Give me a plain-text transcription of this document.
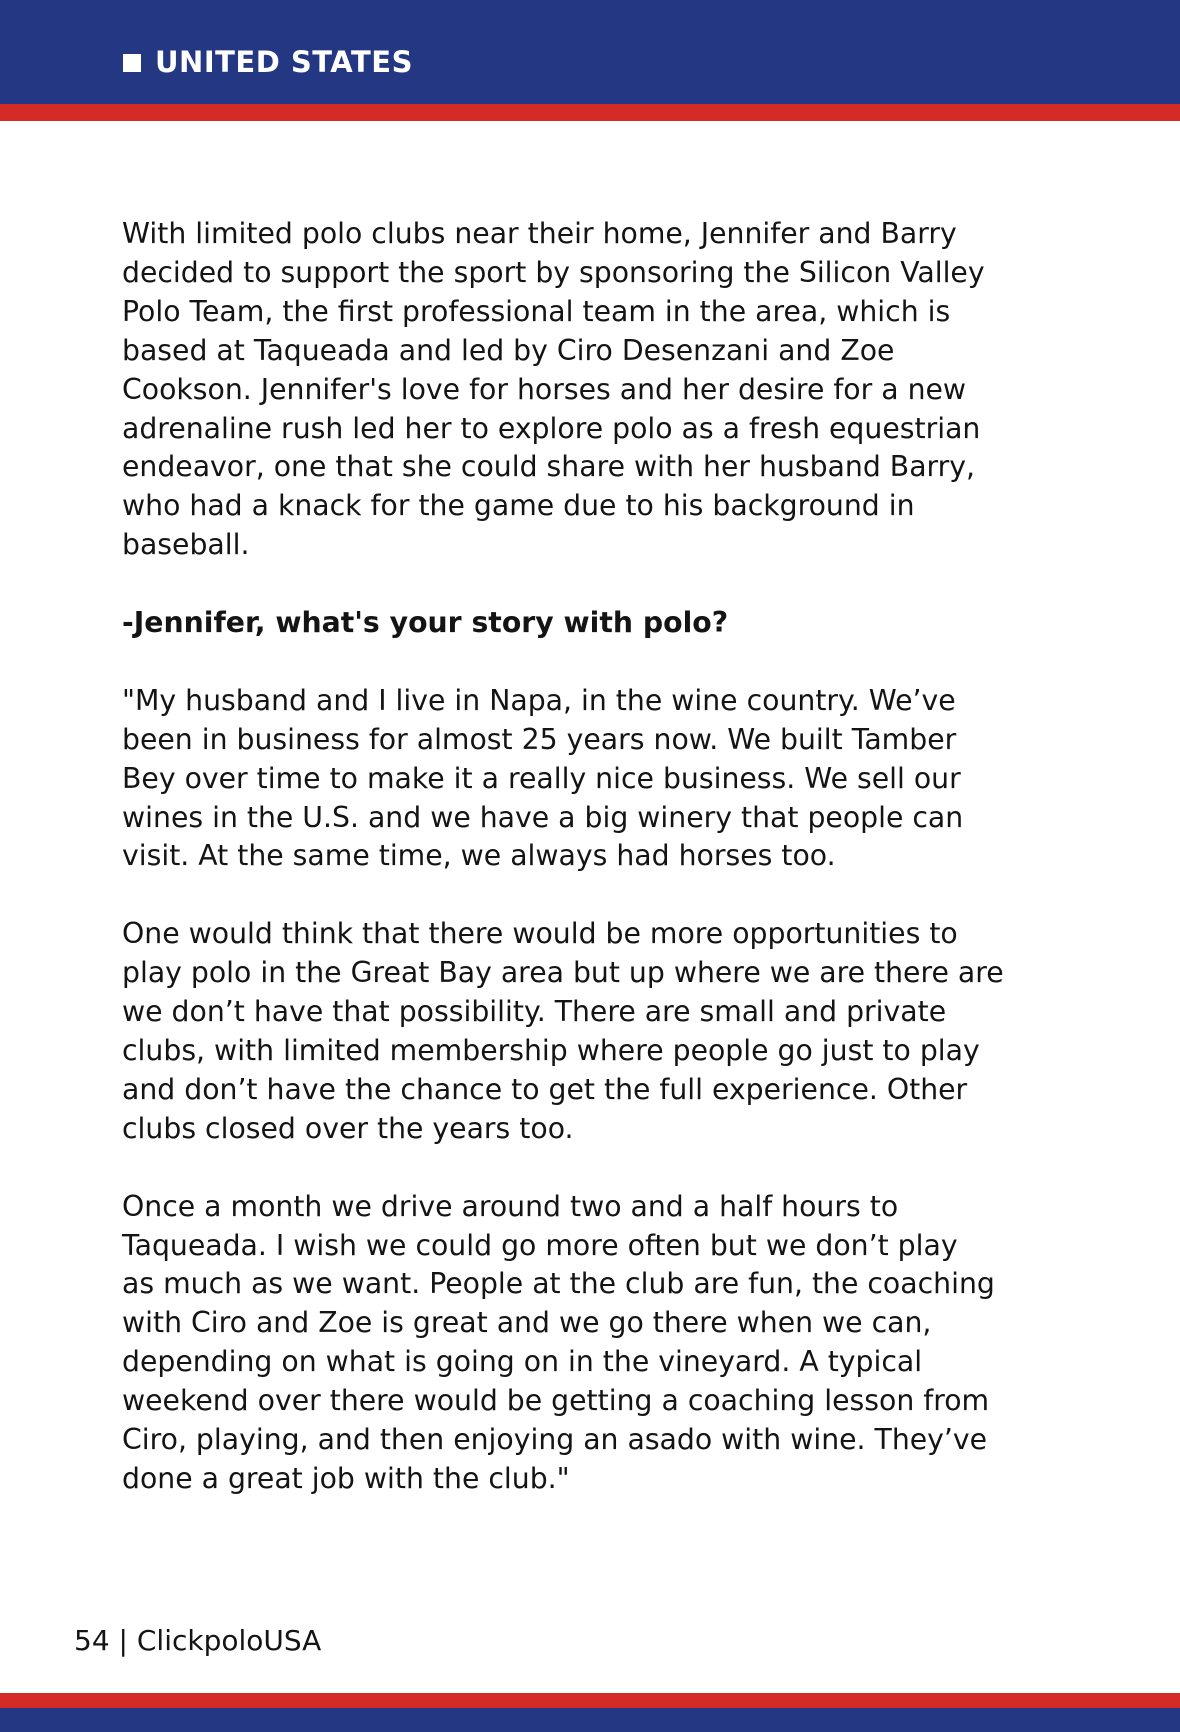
UNITED STATES

With limited polo clubs near their home, Jennifer and Barry
decided to support the sport by sponsoring the Silicon Valley
Polo Team, the first professional team in the area, which is
based at Taqueada and led by Ciro Desenzani and Zoe
Cookson. Jennifer's love for horses and her desire for a new
adrenaline rush led her to explore polo as a fresh equestrian
endeavor, one that she could share with her husband Barry,
who had a knack for the game due to his background in
baseball.

-Jennifer, what's your story with polo?

"My husband and I live in Napa, in the wine country. We’ve
been in business for almost 25 years now. We built Tamber
Bey over time to make it a really nice business. We sell our
wines in the U.S. and we have a big winery that people can
visit. At the same time, we always had horses too.

One would think that there would be more opportunities to
play polo in the Great Bay area but up where we are there are
we don’t have that possibility. There are small and private
clubs, with limited membership where people go just to play
and don’t have the chance to get the full experience. Other
clubs closed over the years too.

Once a month we drive around two and a half hours to
Taqueada. I wish we could go more often but we don’t play
as much as we want. People at the club are fun, the coaching
with Ciro and Zoe is great and we go there when we can,
depending on what is going on in the vineyard. A typical
weekend over there would be getting a coaching lesson from
Ciro, playing, and then enjoying an asado with wine. They’ve
done a great job with the club."

54 | ClickpoloUSA
